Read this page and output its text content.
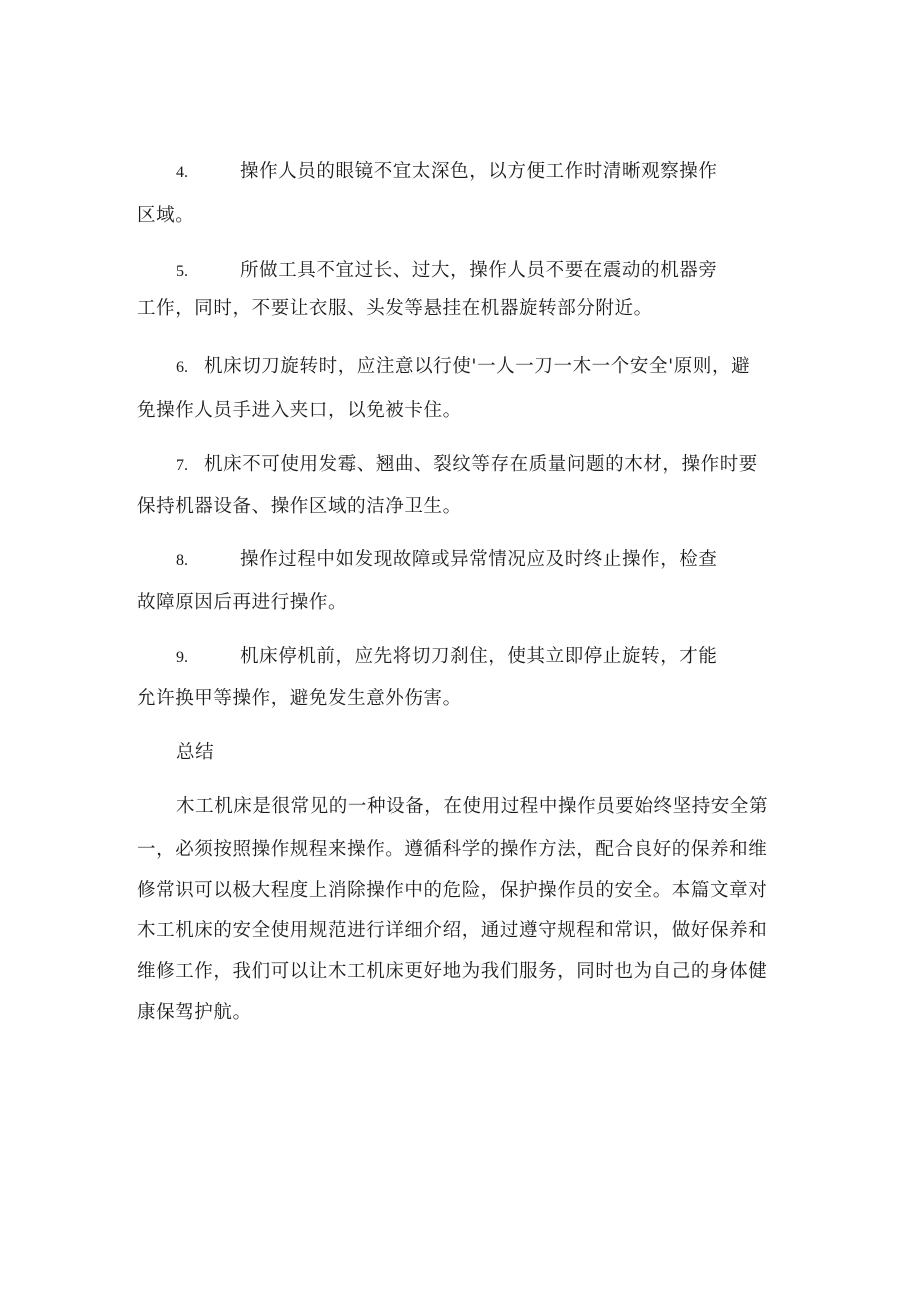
4.	操作人员的眼镜不宜太深色，以方便工作时清晰观察操作
区域。
5.	所做工具不宜过长、过大，操作人员不要在震动的机器旁
工作，同时，不要让衣服、头发等悬挂在机器旋转部分附近。
6. 机床切刀旋转时，应注意以行使'一人一刀一木一个安全'原则，避
免操作人员手进入夹口，以免被卡住。
7. 机床不可使用发霉、翘曲、裂纹等存在质量问题的木材，操作时要
保持机器设备、操作区域的洁净卫生。
8.	操作过程中如发现故障或异常情况应及时终止操作，检查
故障原因后再进行操作。
9.	机床停机前，应先将切刀刹住，使其立即停止旋转，才能
允许换甲等操作，避免发生意外伤害。
总结
木工机床是很常见的一种设备，在使用过程中操作员要始终坚持安全第
一，必须按照操作规程来操作。遵循科学的操作方法，配合良好的保养和维
修常识可以极大程度上消除操作中的危险，保护操作员的安全。本篇文章对
木工机床的安全使用规范进行详细介绍，通过遵守规程和常识，做好保养和
维修工作，我们可以让木工机床更好地为我们服务，同时也为自己的身体健
康保驾护航。
